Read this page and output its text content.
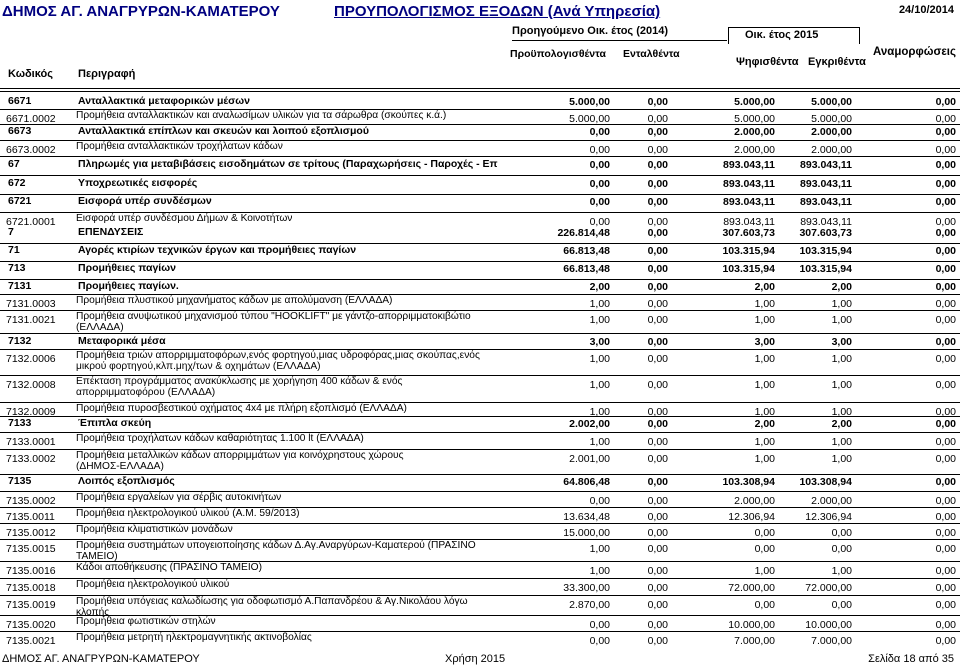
ΔΗΜΟΣ ΑΓ. ΑΝΑΓΡΥΡΩΝ-ΚΑΜΑΤΕΡΟΥ	ΠΡΟΥΠΟΛΟΓΙΣΜΟΣ ΕΞΟΔΩΝ (Ανά Υπηρεσία)	24/10/2014
Προηγούμενο Οικ. έτος (2014)	Οικ. έτος 2015
Προϋπολογισθέντα Ενταλθέντα
Ψηφισθέντα Εγκριθέντα
Αναμορφώσεις
Κωδικός Περιγραφή
6671	Ανταλλακτικά μεταφορικών μέσων	5.000,00	0,00	5.000,00	5.000,00	0,00
6671.0002 Προμήθεια ανταλλακτικών και αναλωσίμων υλικών για τα σάρωθρα (σκούπες κ.ά.)	5.000,00	0,00	5.000,00	5.000,00	0,00
6673	Ανταλλακτικά επίπλων και σκευών και λοιπού εξοπλισμού	0,00	0,00	2.000,00	2.000,00	0,00
6673.0002 Προμήθεια ανταλλακτικών τροχήλατων κάδων	0,00	0,00	2.000,00	2.000,00	0,00
67	Πληρωμές για μεταβιβάσεις εισοδημάτων σε τρίτους (Παραχωρήσεις - Παροχές - Επ	0,00	0,00	893.043,11 893.043,11	0,00
672	Υποχρεωτικές εισφορές	0,00	0,00	893.043,11 893.043,11	0,00
6721	Εισφορά υπέρ συνδέσμων	0,00	0,00	893.043,11 893.043,11	0,00
6721.0001 Εισφορά υπέρ συνδέσμου Δήμων & Κοινοτήτων	0,00	0,00	893.043,11 893.043,11	0,00
7	ΕΠΕΝΔΥΣΕΙΣ	226.814,48	0,00	307.603,73 307.603,73	0,00
71	Αγορές κτιρίων τεχνικών έργων και προμήθειες παγίων	66.813,48	0,00	103.315,94 103.315,94	0,00
713	Προμήθειες παγίων	66.813,48	0,00	103.315,94 103.315,94	0,00
7131	Προμήθειες παγίων.	2,00	0,00	2,00	2,00	0,00
7131.0003 Προμήθεια πλυστικού μηχανήματος κάδων με απολύμανση (ΕΛΛΑΔΑ)	1,00	0,00	1,00	1,00	0,00
7131.0021 Προμήθεια ανυψωτικού μηχανισμού τύπου "HOOKLIFT" με γάντζο-απορριμματοκιβώτιο
(ΕΛΛΑΔΑ)
1,00	0,00	1,00	1,00	0,00
7132	Μεταφορικά μέσα	3,00	0,00	3,00	3,00	0,00
7132.0006 Προμήθεια τριών απορριμματοφόρων,ενός φορτηγού,μιας υδροφόρας,μιας σκούπας,ενός
μικρού φορτηγού,κλπ.μηχ/των & οχημάτων (ΕΛΛΑΔΑ)
1,00	0,00	1,00	1,00	0,00
7132.0008 Επέκταση προγράμματος ανακύκλωσης με χορήγηση 400 κάδων & ενός
απορριμματοφόρου (ΕΛΛΑΔΑ)
1,00	0,00	1,00	1,00	0,00
7132.0009 Προμήθεια πυροσβεστικού οχήματος 4x4 με πλήρη εξοπλισμό (ΕΛΛΑΔΑ)	1,00	0,00	1,00	1,00	0,00
7133	Έπιπλα σκεύη	2.002,00	0,00	2,00	2,00	0,00
7133.0001 Προμήθεια τροχήλατων κάδων καθαριότητας 1.100 lt (ΕΛΛΑΔΑ)	1,00	0,00	1,00	1,00	0,00
7133.0002 Προμήθεια μεταλλικών κάδων απορριμμάτων για κοινόχρηστους χώρους
(ΔΗΜΟΣ-ΕΛΛΑΔΑ)
2.001,00	0,00	1,00	1,00	0,00
7135	Λοιπός εξοπλισμός	64.806,48	0,00	103.308,94 103.308,94	0,00
7135.0002 Προμήθεια εργαλείων για σέρβις αυτοκινήτων	0,00	0,00	2.000,00	2.000,00	0,00
7135.0011 Προμήθεια ηλεκτρολογικού υλικού (Α.Μ. 59/2013)	13.634,48	0,00	12.306,94	12.306,94	0,00
7135.0012 Προμήθεια κλιματιστικών μονάδων	15.000,00	0,00	0,00	0,00	0,00
7135.0015 Προμήθεια συστημάτων υπογειοποίησης κάδων Δ.Αγ.Αναργύρων-Καματερού (ΠΡΑΣΙΝΟ
ΤΑΜΕΙΟ)
1,00	0,00	0,00	0,00	0,00
7135.0016 Κάδοι αποθήκευσης (ΠΡΑΣΙΝΟ ΤΑΜΕΙΟ)	1,00	0,00	1,00	1,00	0,00
7135.0018 Προμήθεια ηλεκτρολογικού υλικού	33.300,00	0,00	72.000,00	72.000,00	0,00
7135.0019 Προμήθεια υπόγειας καλωδίωσης για οδοφωτισμό Α.Παπανδρέου & Αγ.Νικολάου λόγω
κλοπής
2.870,00	0,00	0,00	0,00	0,00
7135.0020 Προμήθεια φωτιστικών στηλών	0,00	0,00	10.000,00	10.000,00	0,00
7135.0021 Προμήθεια μετρητή ηλεκτρομαγνητικής ακτινοβολίας	0,00	0,00	7.000,00	7.000,00	0,00
ΔΗΜΟΣ ΑΓ. ΑΝΑΓΡΥΡΩΝ-ΚΑΜΑΤΕΡΟΥ	Χρήση 2015	Σελίδα 18 από 35
